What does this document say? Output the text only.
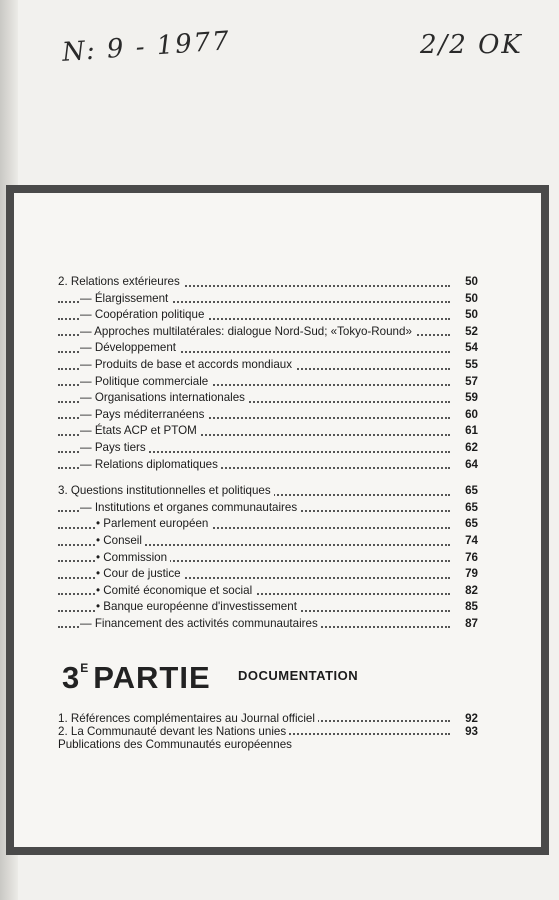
N: 9 - 1977	2/2 OK
2. Relations extérieures	50
— Élargissement	50
— Coopération politique	50
— Approches multilatérales: dialogue Nord-Sud; «Tokyo-Round»	52
— Développement	54
— Produits de base et accords mondiaux	55
— Politique commerciale	57
— Organisations internationales	59
— Pays méditerranéens	60
— États ACP et PTOM	61
— Pays tiers	62
— Relations diplomatiques	64
3. Questions institutionnelles et politiques	65
— Institutions et organes communautaires	65
• Parlement européen	65
• Conseil	74
• Commission	76
• Cour de justice	79
• Comité économique et social	82
• Banque européenne d'investissement	85
— Financement des activités communautaires	87
$3^E$ PARTIE DOCUMENTATION
1. Références complémentaires au Journal officiel	92
2. La Communauté devant les Nations unies	93
Publications des Communautés européennes
